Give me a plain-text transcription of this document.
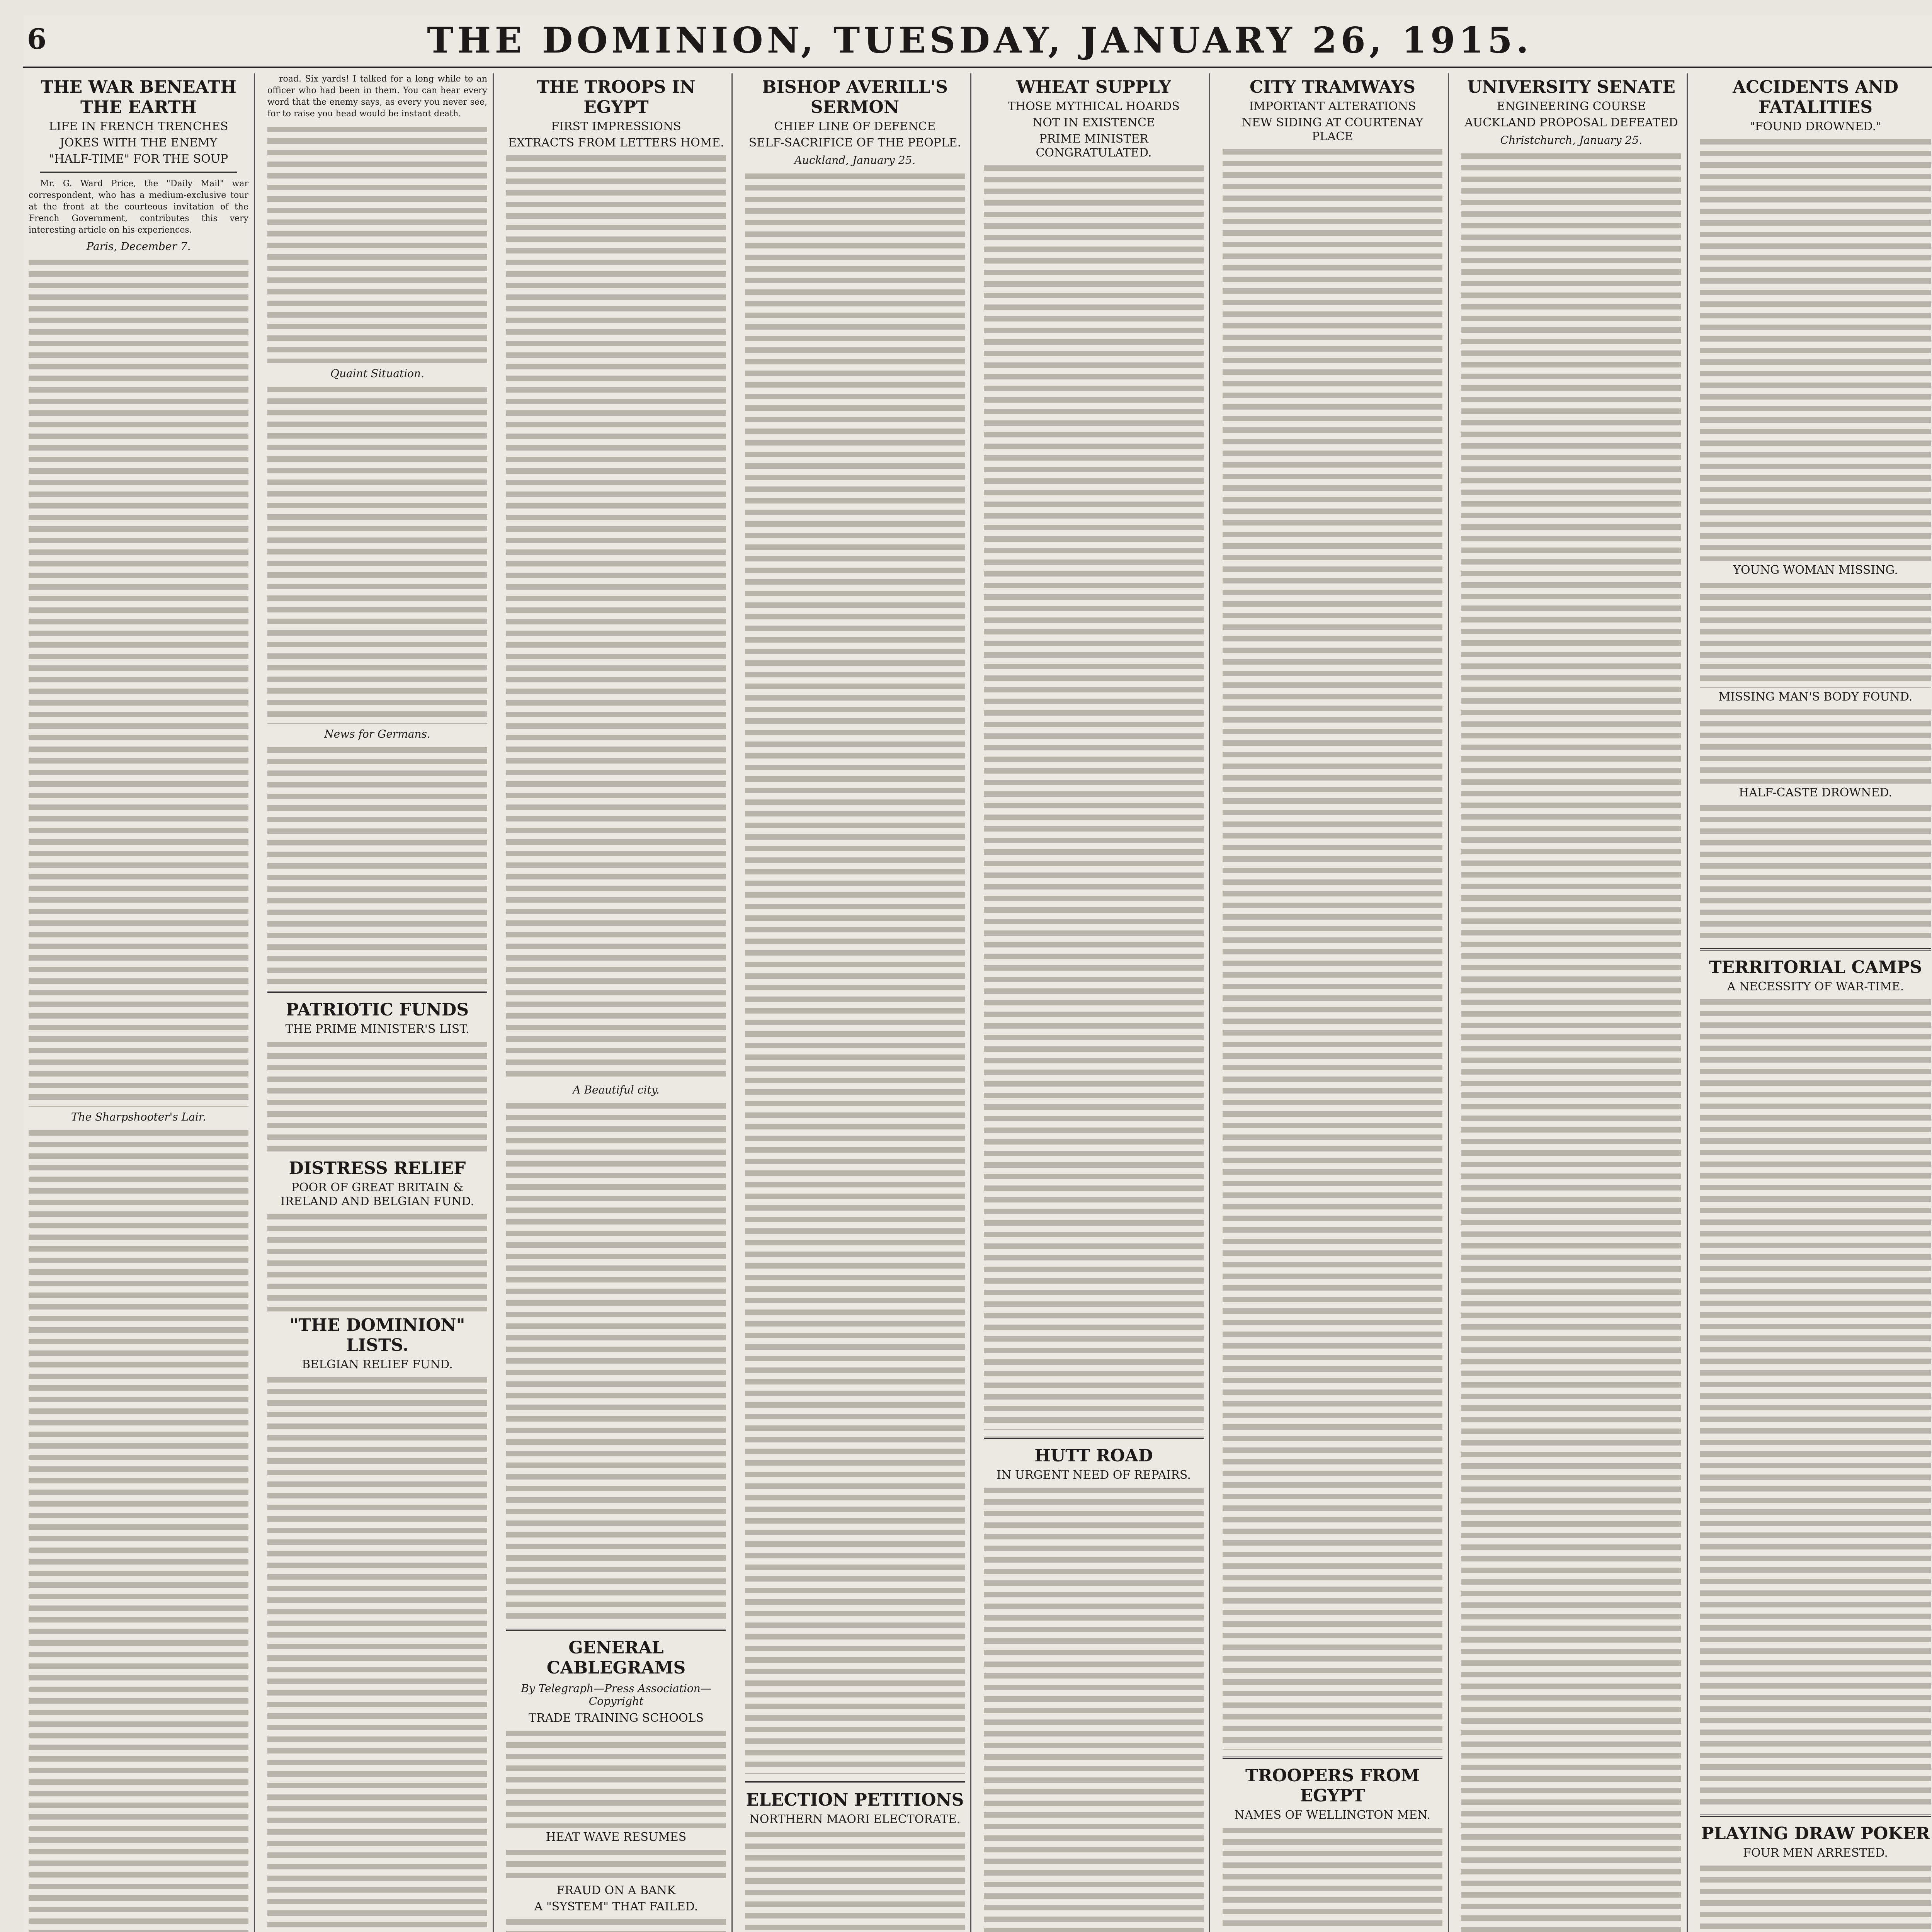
6	THE DOMINION, TUESDAY, JANUARY 26, 1915.
THE WAR BENEATH THE EARTH
LIFE IN FRENCH TRENCHES
JOKES WITH THE ENEMY
"HALF-TIME" FOR THE SOUP

Mr. G. Ward Price, the "Daily Mail" war correspondent, who has a medium-exclusive tour at the front at the courteous invitation of the French Government, contributes this very interesting article on his experiences.

Paris, December 7.
The Sharpshooter's Lair.

road. Six yards! I talked for a long while to an officer who had been in them. You can hear every word that the enemy says, as every you never see, for to raise you head would be instant death.

Quaint Situation.
News for Germans.
PATRIOTIC FUNDS
THE PRIME MINISTER'S LIST.
DISTRESS RELIEF
POOR OF GREAT BRITAIN & IRELAND AND BELGIAN FUND.
"THE DOMINION" LISTS.
BELGIAN RELIEF FUND.

THE TROOPS IN EGYPT
FIRST IMPRESSIONS
EXTRACTS FROM LETTERS HOME.
A Beautiful city.
GENERAL CABLEGRAMS
By Telegraph—Press Association—Copyright
TRADE TRAINING SCHOOLS
HEAT WAVE RESUMES
FRAUD ON A BANK
A "SYSTEM" THAT FAILED.
BISHOP AVERILL'S SERMON
CHIEF LINE OF DEFENCE
SELF-SACRIFICE OF THE PEOPLE.
Auckland, January 25.
ELECTION PETITIONS
NORTHERN MAORI ELECTORATE.
WHEAT SUPPLY
THOSE MYTHICAL HOARDS
NOT IN EXISTENCE
PRIME MINISTER CONGRATULATED.
HUTT ROAD
IN URGENT NEED OF REPAIRS.
CITY TRAMWAYS
IMPORTANT ALTERATIONS
NEW SIDING AT COURTENAY PLACE
TROOPERS FROM EGYPT
NAMES OF WELLINGTON MEN.
UNIVERSITY SENATE
ENGINEERING COURSE
AUCKLAND PROPOSAL DEFEATED
Christchurch, January 25.
ACCIDENTS AND FATALITIES
"FOUND DROWNED."
YOUNG WOMAN MISSING.
MISSING MAN'S BODY FOUND.
HALF-CASTE DROWNED.
TERRITORIAL CAMPS
A NECESSITY OF WAR-TIME.
PLAYING DRAW POKER
FOUR MEN ARRESTED.
